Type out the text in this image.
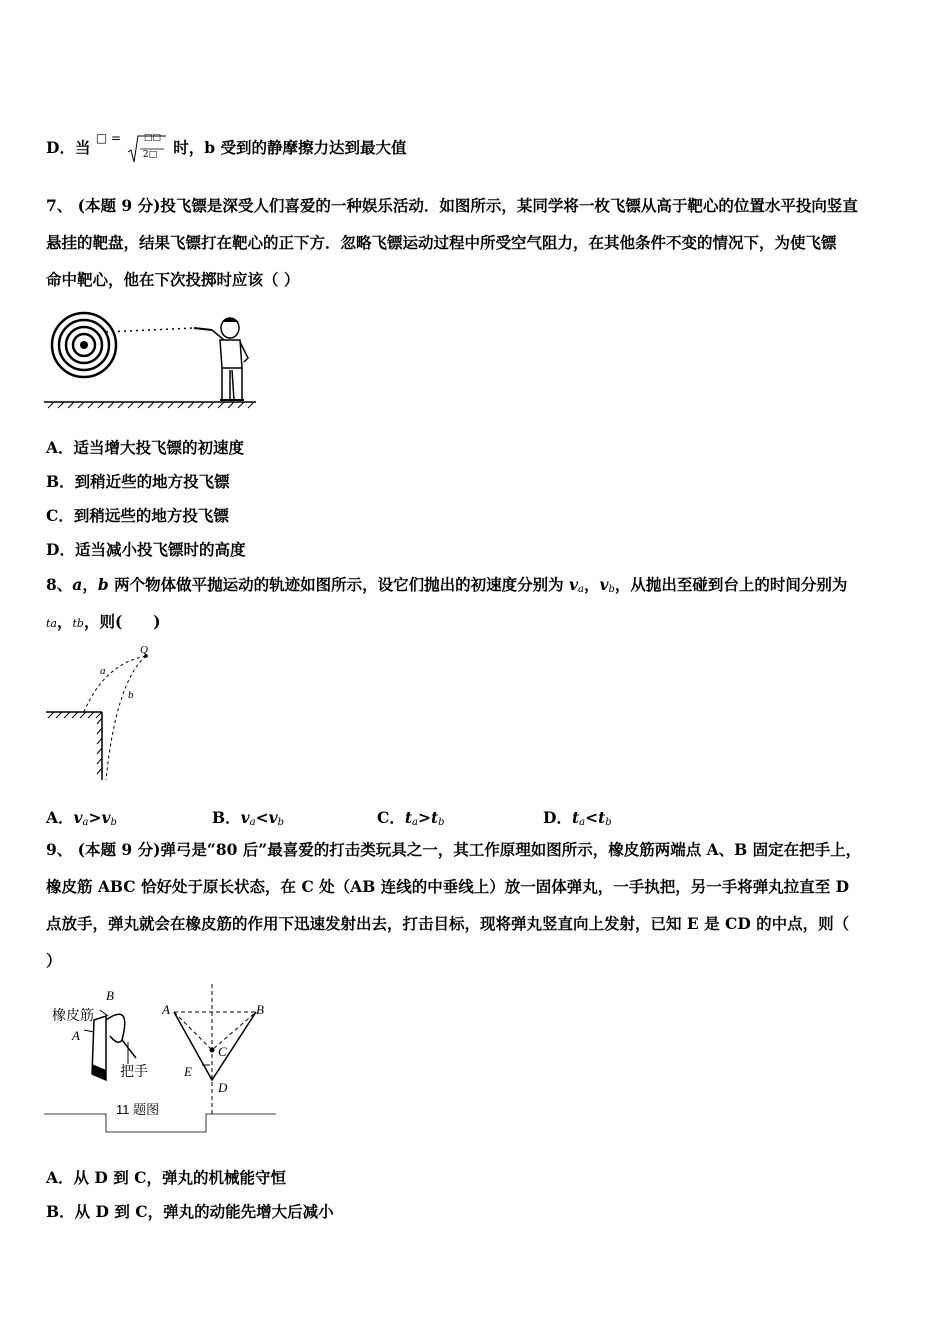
D．当 □ =	□□
2□ 时，b 受到的静摩擦力达到最大值
7、 (本题 9 分)投飞镖是深受人们喜爱的一种娱乐活动．如图所示，某同学将一枚飞镖从高于靶心的位置水平投向竖直
悬挂的靶盘，结果飞镖打在靶心的正下方．忽略飞镖运动过程中所受空气阻力，在其他条件不变的情况下，为使飞镖
命中靶心，他在下次投掷时应该（ ）
A．适当增大投飞镖的初速度
B．到稍近些的地方投飞镖
C．到稍远些的地方投飞镖
D．适当减小投飞镖时的高度
8、a，b 两个物体做平抛运动的轨迹如图所示，设它们抛出的初速度分别为 $v_a$，$v_b$，从抛出至碰到台上的时间分别为
ta，tb，则(　　)
Q
a
b
A．$v_a>v_b$	B．$v_a<v_b$	C．$t_a>t_b$	D．$t_a<t_b$
9、 (本题 9 分)弹弓是“80 后”最喜爱的打击类玩具之一，其工作原理如图所示，橡皮筋两端点 A、B 固定在把手上，
橡皮筋 ABC 恰好处于原长状态，在 C 处（AB 连线的中垂线上）放一固体弹丸，一手执把，另一手将弹丸拉直至 D
点放手，弹丸就会在橡皮筋的作用下迅速发射出去，打击目标，现将弹丸竖直向上发射，已知 E 是 CD 的中点，则（
）
橡皮筋
B
A
把手
A	B
C
E
D
11 题图
A．从 D 到 C，弹丸的机械能守恒
B．从 D 到 C，弹丸的动能先增大后减小
